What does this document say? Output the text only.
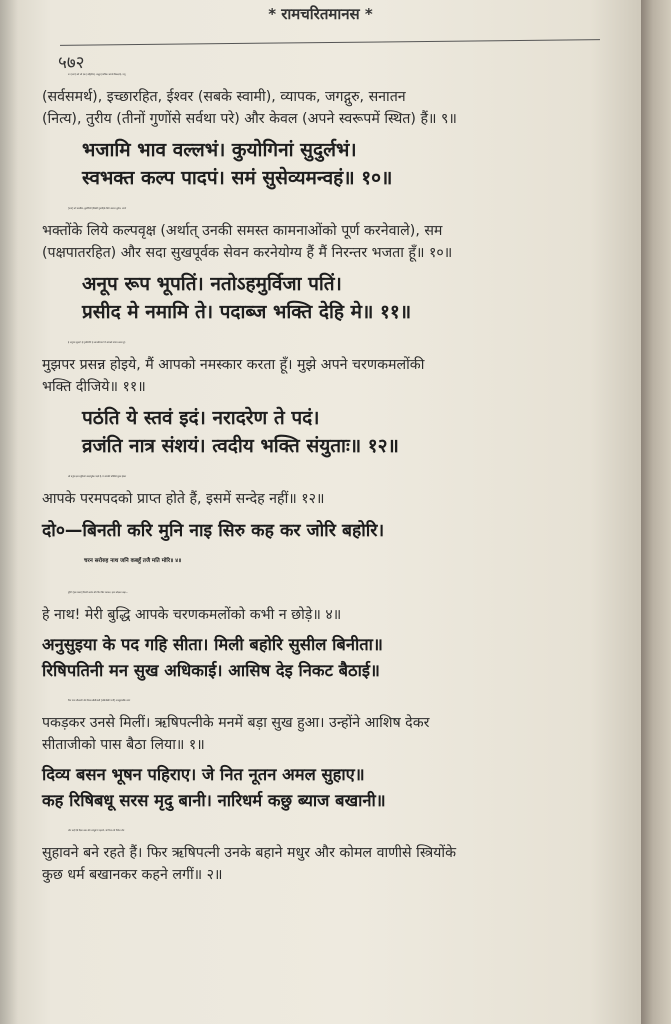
* रामचरितमानस *
५७२

उन (आप) को जो एक (अद्वितीय), अद्भुत (मायिक जगत्से विलक्षण), प्रभु

(सर्वसमर्थ), इच्छारहित, ईश्वर (सबके स्वामी), व्यापक, जगद्गुरु, सनातन

(नित्य), तुरीय (तीनों गुणोंसे सर्वथा परे) और केवल (अपने स्वरूपमें स्थित) हैं॥ ९॥

भजामि भाव वल्लभं। कुयोगिनां सुदुर्लभं।

स्वभक्त कल्प पादपं। समं सुसेव्यमन्वहं॥ १०॥

[तथा] जो भावप्रिय, कुयोगियों (विषयी पुरुषों)के लिये अत्यन्त दुर्लभ, अपने

भक्तोंके लिये कल्पवृक्ष (अर्थात् उनकी समस्त कामनाओंको पूर्ण करनेवाले), सम

(पक्षपातरहित) और सदा सुखपूर्वक सेवन करनेयोग्य हैं मैं निरन्तर भजता हूँ॥ १०॥

अनूप रूप भूपतिं। नतोऽहमुर्विजा पतिं।

प्रसीद मे नमामि ते। पदाब्ज भक्ति देहि मे॥ ११॥

हे अनुपम सुन्दर! हे पृथ्वीपति! हे जानकीनाथ! मैं आपको प्रणाम करता हूँ।

मुझपर प्रसन्न होइये, मैं आपको नमस्कार करता हूँ। मुझे अपने चरणकमलोंकी

भक्ति दीजिये॥ ११॥

पठंति ये स्तवं इदं। नरादरेण ते पदं।

व्रजंति नात्र संशयं। त्वदीय भक्ति संयुताः॥ १२॥

जो मनुष्य इस स्तुतिको आदरपूर्वक पढ़ते हैं, वे आपकी भक्तिसे युक्त होकर

आपके परमपदको प्राप्त होते हैं, इसमें सन्देह नहीं॥ १२॥

दो०—बिनती करि मुनि नाइ सिरु कह कर जोरि बहोरि।

चरन सरोरुह नाथ जनि कबहुँ तजै मति मोरि॥ ४॥

मुनिने [इस प्रकार] विनती करके और फिर सिर नवाकर, हाथ जोड़कर कहा—

हे नाथ! मेरी बुद्धि आपके चरणकमलोंको कभी न छोड़े॥ ४॥

अनुसुइया के पद गहि सीता। मिली बहोरि सुसील बिनीता॥

रिषिपतिनी मन सुख अधिकाई। आसिष देइ निकट बैठाई॥

फिर परम शीलवती और विनम्र श्रीसीताजी [अत्रिजीकी पत्नी] अनसूयाजीके चरण

पकड़कर उनसे मिलीं। ऋषिपत्नीके मनमें बड़ा सुख हुआ। उन्होंने आशिष देकर

सीताजीको पास बैठा लिया॥ १॥

दिव्य बसन भूषन पहिराए। जे नित नूतन अमल सुहाए॥

कह रिषिबधू सरस मृदु बानी। नारिधर्म कछु ब्याज बखानी॥

और उन्हें ऐसे दिव्य वस्त्र और आभूषण पहनाये, जो नित्य-नये निर्मल और

सुहावने बने रहते हैं। फिर ऋषिपत्नी उनके बहाने मधुर और कोमल वाणीसे स्त्रियोंके

कुछ धर्म बखानकर कहने लगीं॥ २॥
